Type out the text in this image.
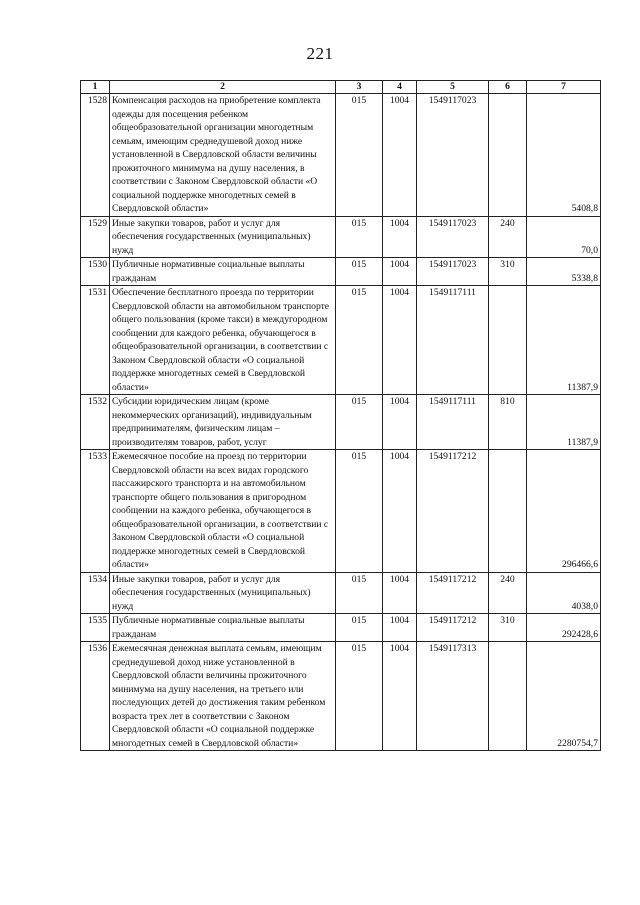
221
1	2	3	4	5	6	7
1528	Компенсация расходов на приобретение комплекта одежды для посещения ребенком общеобразовательной организации многодетным семьям, имеющим среднедушевой доход ниже установленной в Свердловской области величины прожиточного минимума на душу населения, в соответствии с Законом Свердловской области «О социальной поддержке многодетных семей в Свердловской области»	015	1004	1549117023		5408,8
1529	Иные закупки товаров, работ и услуг для обеспечения государственных (муниципальных) нужд	015	1004	1549117023	240	70,0
1530	Публичные нормативные социальные выплаты гражданам	015	1004	1549117023	310	5338,8
1531	Обеспечение бесплатного проезда по территории Свердловской области на автомобильном транспорте общего пользования (кроме такси) в междугородном сообщении для каждого ребенка, обучающегося в общеобразовательной организации, в соответствии с Законом Свердловской области «О социальной поддержке многодетных семей в Свердловской области»	015	1004	1549117111		11387,9
1532	Субсидии юридическим лицам (кроме некоммерческих организаций), индивидуальным предпринимателям, физическим лицам – производителям товаров, работ, услуг	015	1004	1549117111	810	11387,9
1533	Ежемесячное пособие на проезд по территории Свердловской области на всех видах городского пассажирского транспорта и на автомобильном транспорте общего пользования в пригородном сообщении на каждого ребенка, обучающегося в общеобразовательной организации, в соответствии с Законом Свердловской области «О социальной поддержке многодетных семей в Свердловской области»	015	1004	1549117212		296466,6
1534	Иные закупки товаров, работ и услуг для обеспечения государственных (муниципальных) нужд	015	1004	1549117212	240	4038,0
1535	Публичные нормативные социальные выплаты гражданам	015	1004	1549117212	310	292428,6
1536	Ежемесячная денежная выплата семьям, имеющим среднедушевой доход ниже установленной в Свердловской области величины прожиточного минимума на душу населения, на третьего или последующих детей до достижения таким ребенком возраста трех лет в соответствии с Законом Свердловской области «О социальной поддержке многодетных семей в Свердловской области»	015	1004	1549117313		2280754,7
